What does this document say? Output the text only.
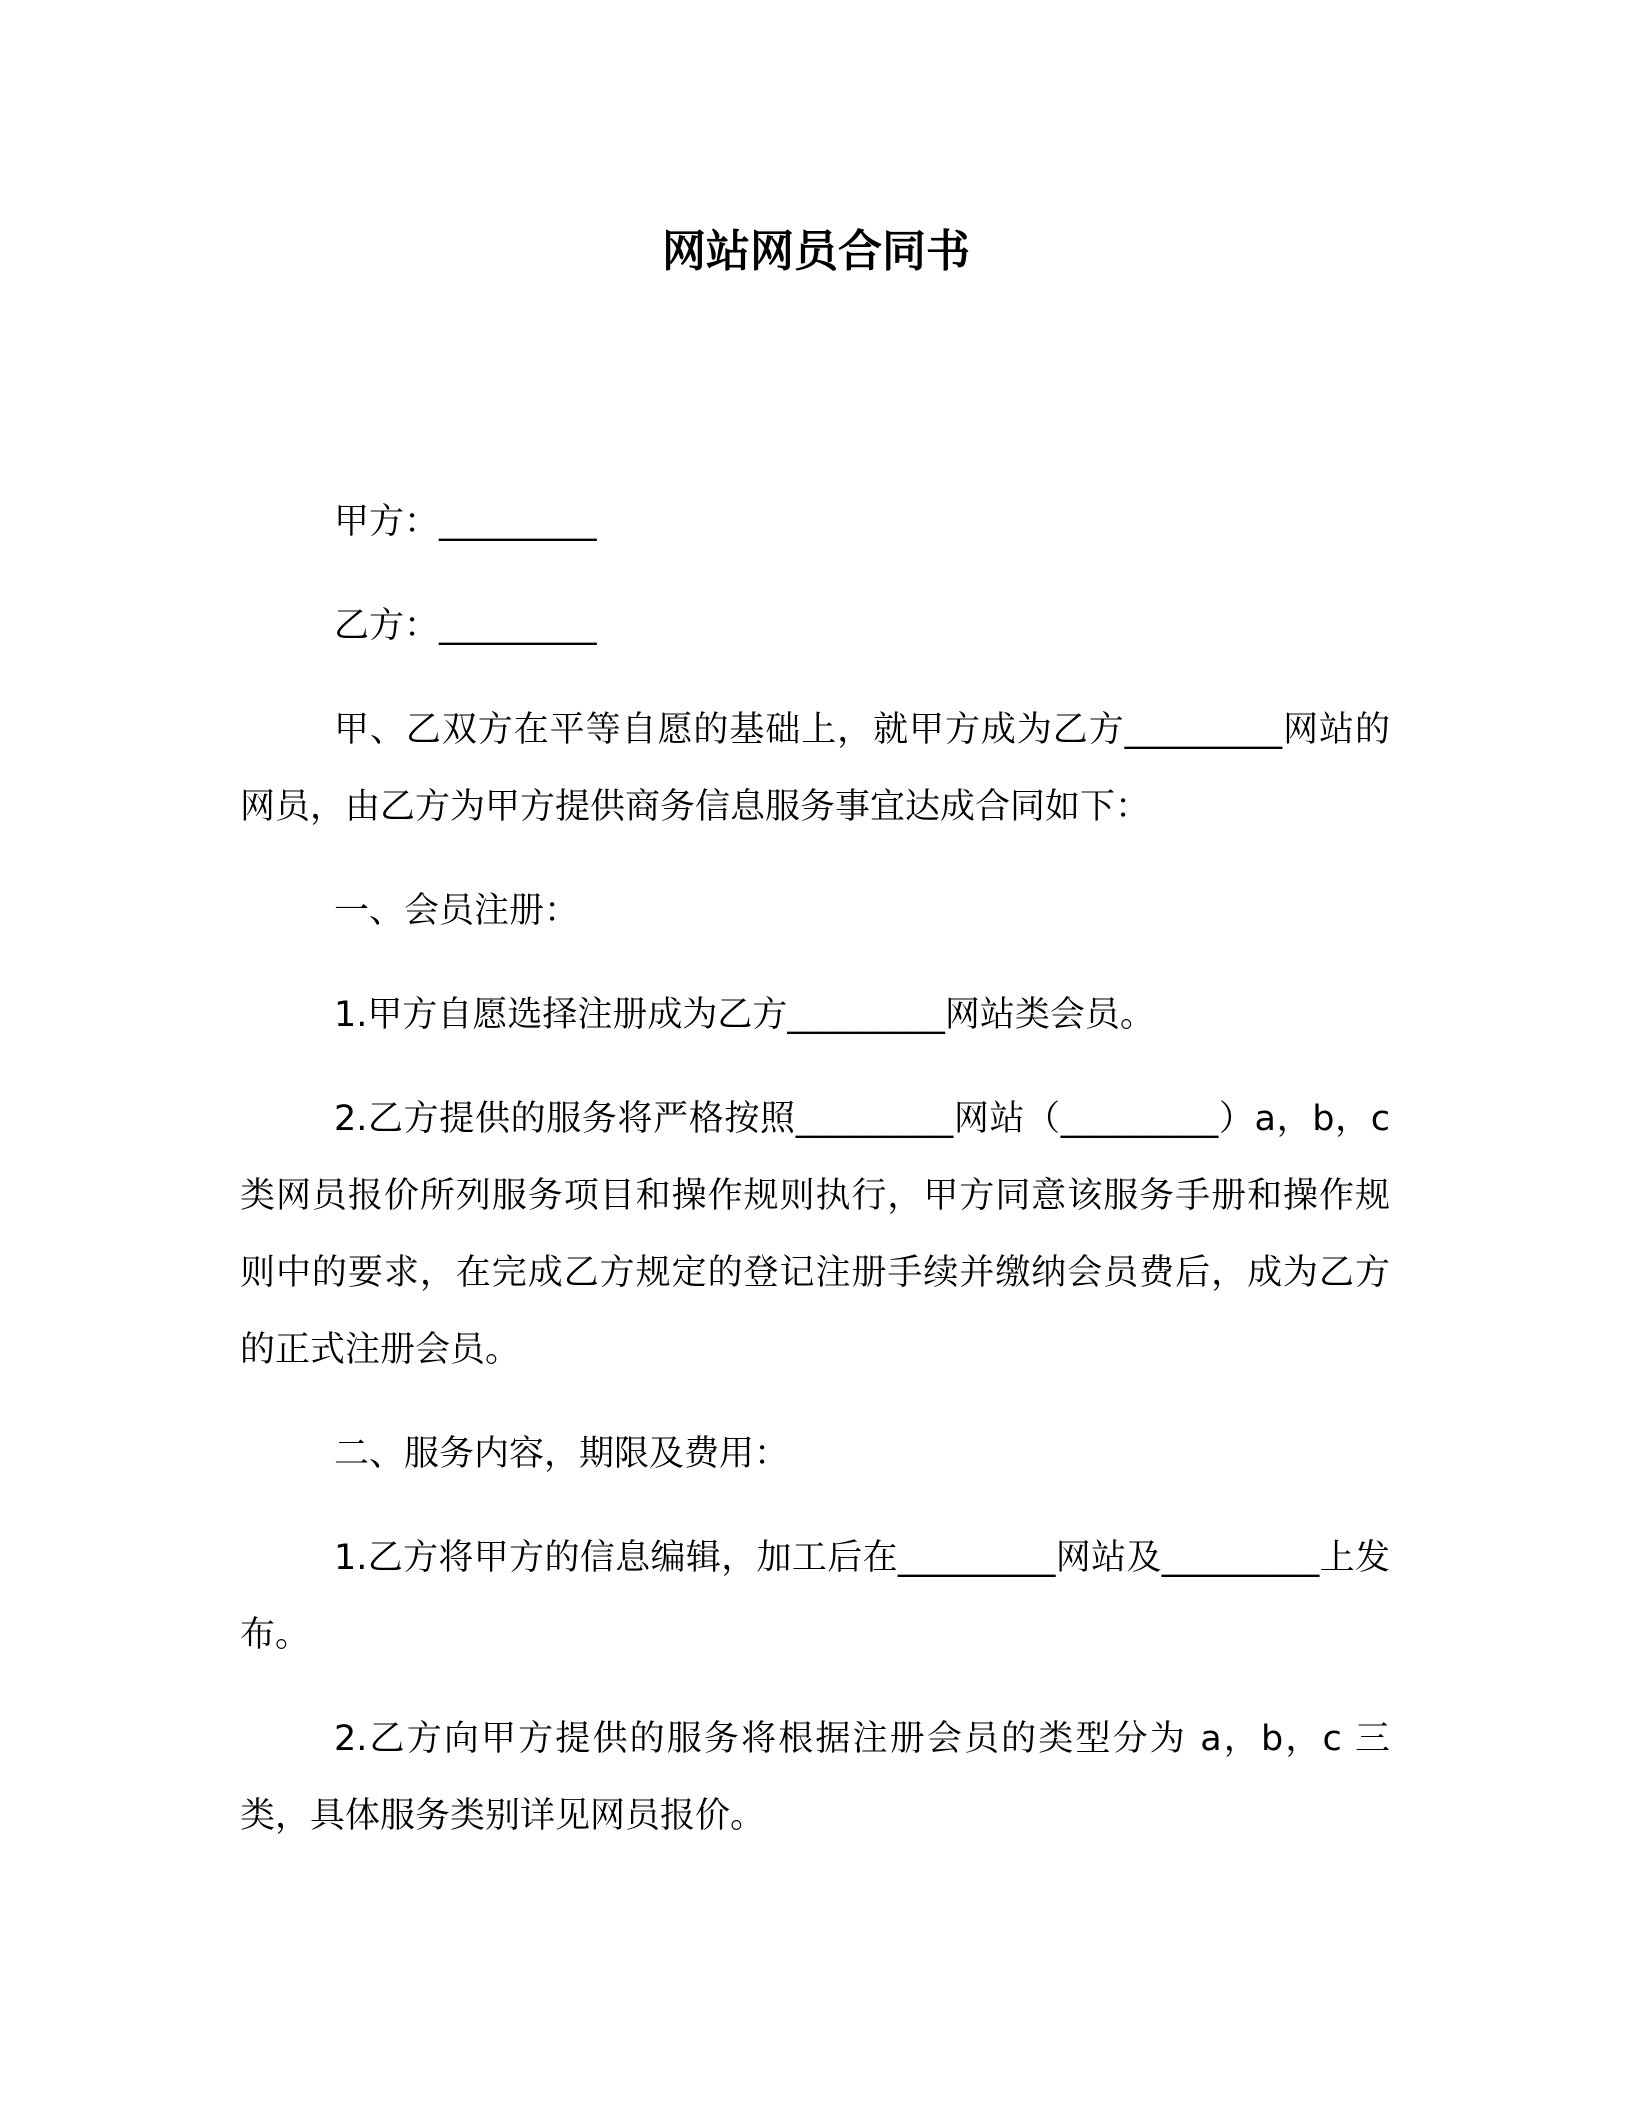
网站网员合同书

甲方：_________

乙方：_________

甲、乙双方在平等自愿的基础上，就甲方成为乙方_________网站的网员，由乙方为甲方提供商务信息服务事宜达成合同如下：

一、会员注册：

1.甲方自愿选择注册成为乙方_________网站类会员。

2.乙方提供的服务将严格按照_________网站（_________）a，b，c 类网员报价所列服务项目和操作规则执行，甲方同意该服务手册和操作规则中的要求，在完成乙方规定的登记注册手续并缴纳会员费后，成为乙方的正式注册会员。

二、服务内容，期限及费用：

1.乙方将甲方的信息编辑，加工后在_________网站及_________上发布。

2.乙方向甲方提供的服务将根据注册会员的类型分为 a，b，c 三类，具体服务类别详见网员报价。
